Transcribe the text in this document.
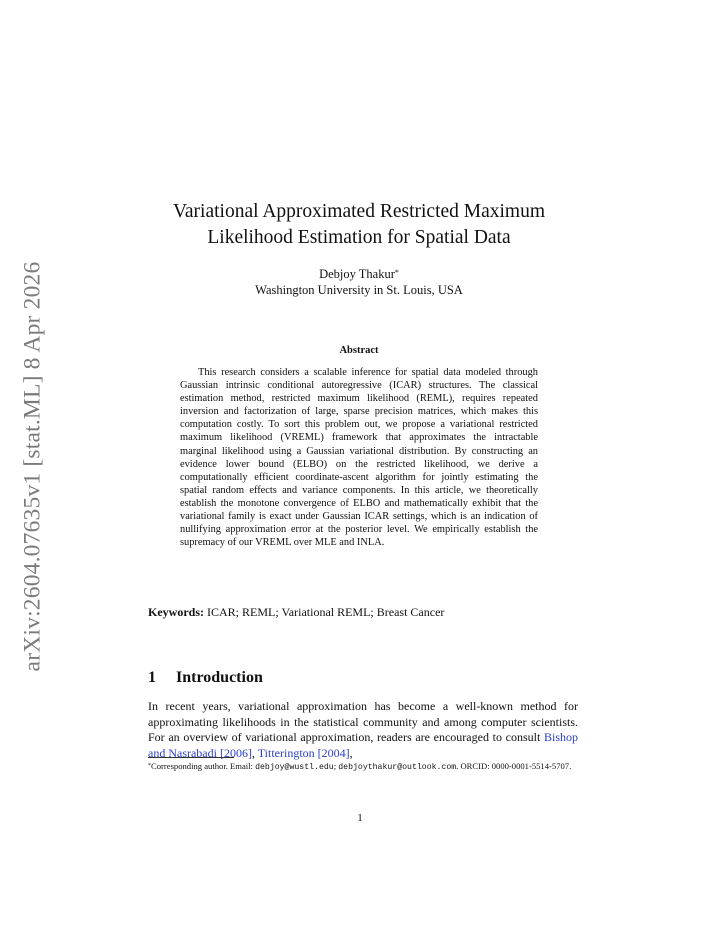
arXiv:2604.07635v1 [stat.ML] 8 Apr 2026
Variational Approximated Restricted Maximum Likelihood Estimation for Spatial Data
Debjoy Thakur*
Washington University in St. Louis, USA
Abstract
This research considers a scalable inference for spatial data modeled through Gaussian intrinsic conditional autoregressive (ICAR) structures. The classical estimation method, restricted maximum likelihood (REML), requires repeated inversion and factorization of large, sparse precision matrices, which makes this computation costly. To sort this problem out, we propose a variational restricted maximum likelihood (VREML) framework that approximates the intractable marginal likelihood using a Gaussian variational distribution. By constructing an evidence lower bound (ELBO) on the restricted likelihood, we derive a computationally efficient coordinate-ascent algorithm for jointly estimating the spatial random effects and variance components. In this article, we theoretically establish the monotone convergence of ELBO and mathematically exhibit that the variational family is exact under Gaussian ICAR settings, which is an indication of nullifying approximation error at the posterior level. We empirically establish the supremacy of our VREML over MLE and INLA.
Keywords: ICAR; REML; Variational REML; Breast Cancer
1 Introduction

In recent years, variational approximation has become a well-known method for approximating likelihoods in the statistical community and among computer scientists. For an overview of variational approximation, readers are encouraged to consult Bishop and Nasrabadi [2006], Titterington [2004],

*Corresponding author. Email: debjoy@wustl.edu; debjoythakur@outlook.com. ORCID: 0000-0001-5514-5707.
1
